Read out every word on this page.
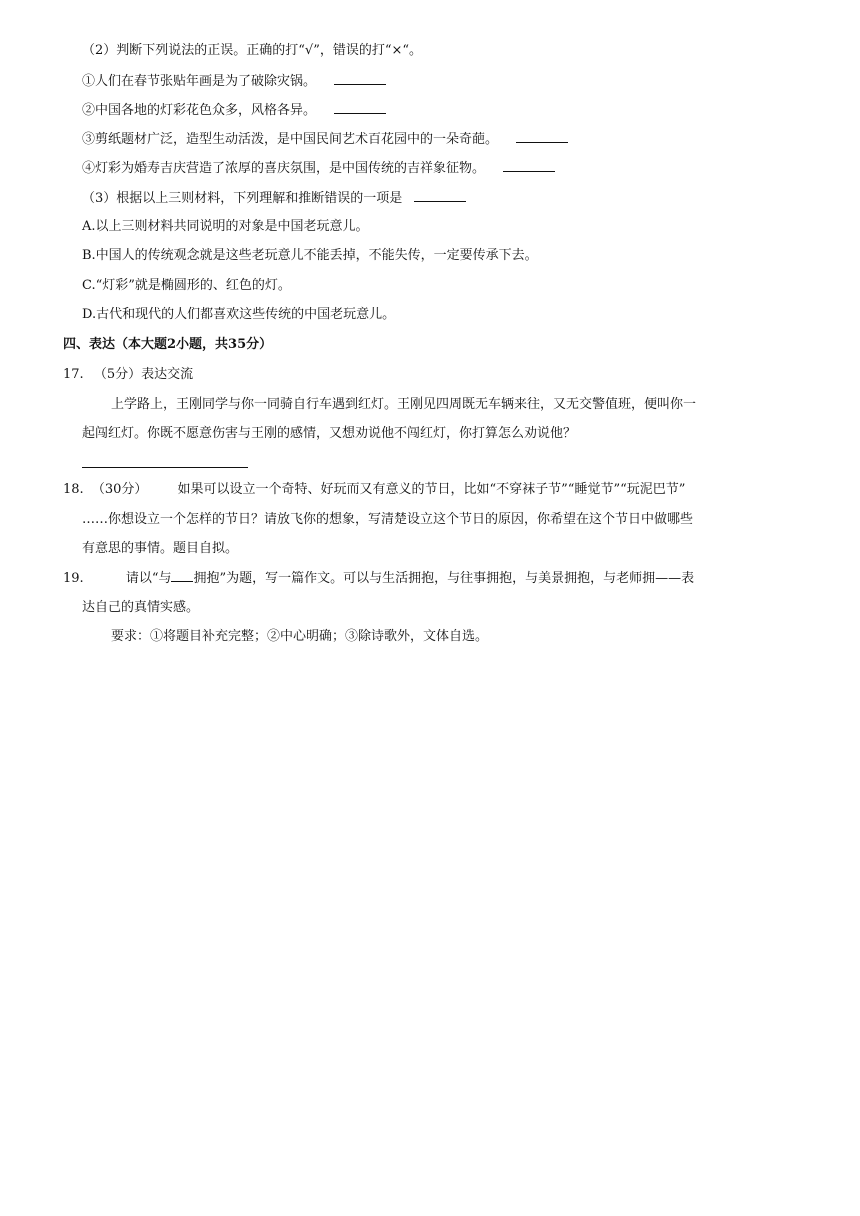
（2）判断下列说法的正误。正确的打“√”，错误的打“×“。
①人们在春节张贴年画是为了破除灾锅。
②中国各地的灯彩花色众多，风格各异。
③剪纸题材广泛，造型生动活泼，是中国民间艺术百花园中的一朵奇葩。
④灯彩为婚寿吉庆营造了浓厚的喜庆氛围，是中国传统的吉祥象征物。
（3）根据以上三则材料，下列理解和推断错误的一项是
A.以上三则材料共同说明的对象是中国老玩意儿。
B.中国人的传统观念就是这些老玩意儿不能丢掉，不能失传，一定要传承下去。
C.“灯彩”就是椭圆形的、红色的灯。
D.古代和现代的人们都喜欢这些传统的中国老玩意儿。
四、表达（本大题2小题，共35分）
17. （5分）表达交流
上学路上，王刚同学与你一同骑自行车遇到红灯。王刚见四周既无车辆来往，又无交警值班，便叫你一
起闯红灯。你既不愿意伤害与王刚的感情，又想劝说他不闯红灯，你打算怎么劝说他？
18. （30分） 如果可以设立一个奇特、好玩而又有意义的节日，比如“不穿袜子节”“睡觉节”“玩泥巴节”
……你想设立一个怎样的节日？请放飞你的想象，写清楚设立这个节日的原因，你希望在这个节日中做哪些
有意思的事情。题目自拟。
19.	请以“与 拥抱”为题，写一篇作文。可以与生活拥抱，与往事拥抱，与美景拥抱，与老师拥——表
达自己的真情实感。
要求：①将题目补充完整；②中心明确；③除诗歌外，文体自选。
